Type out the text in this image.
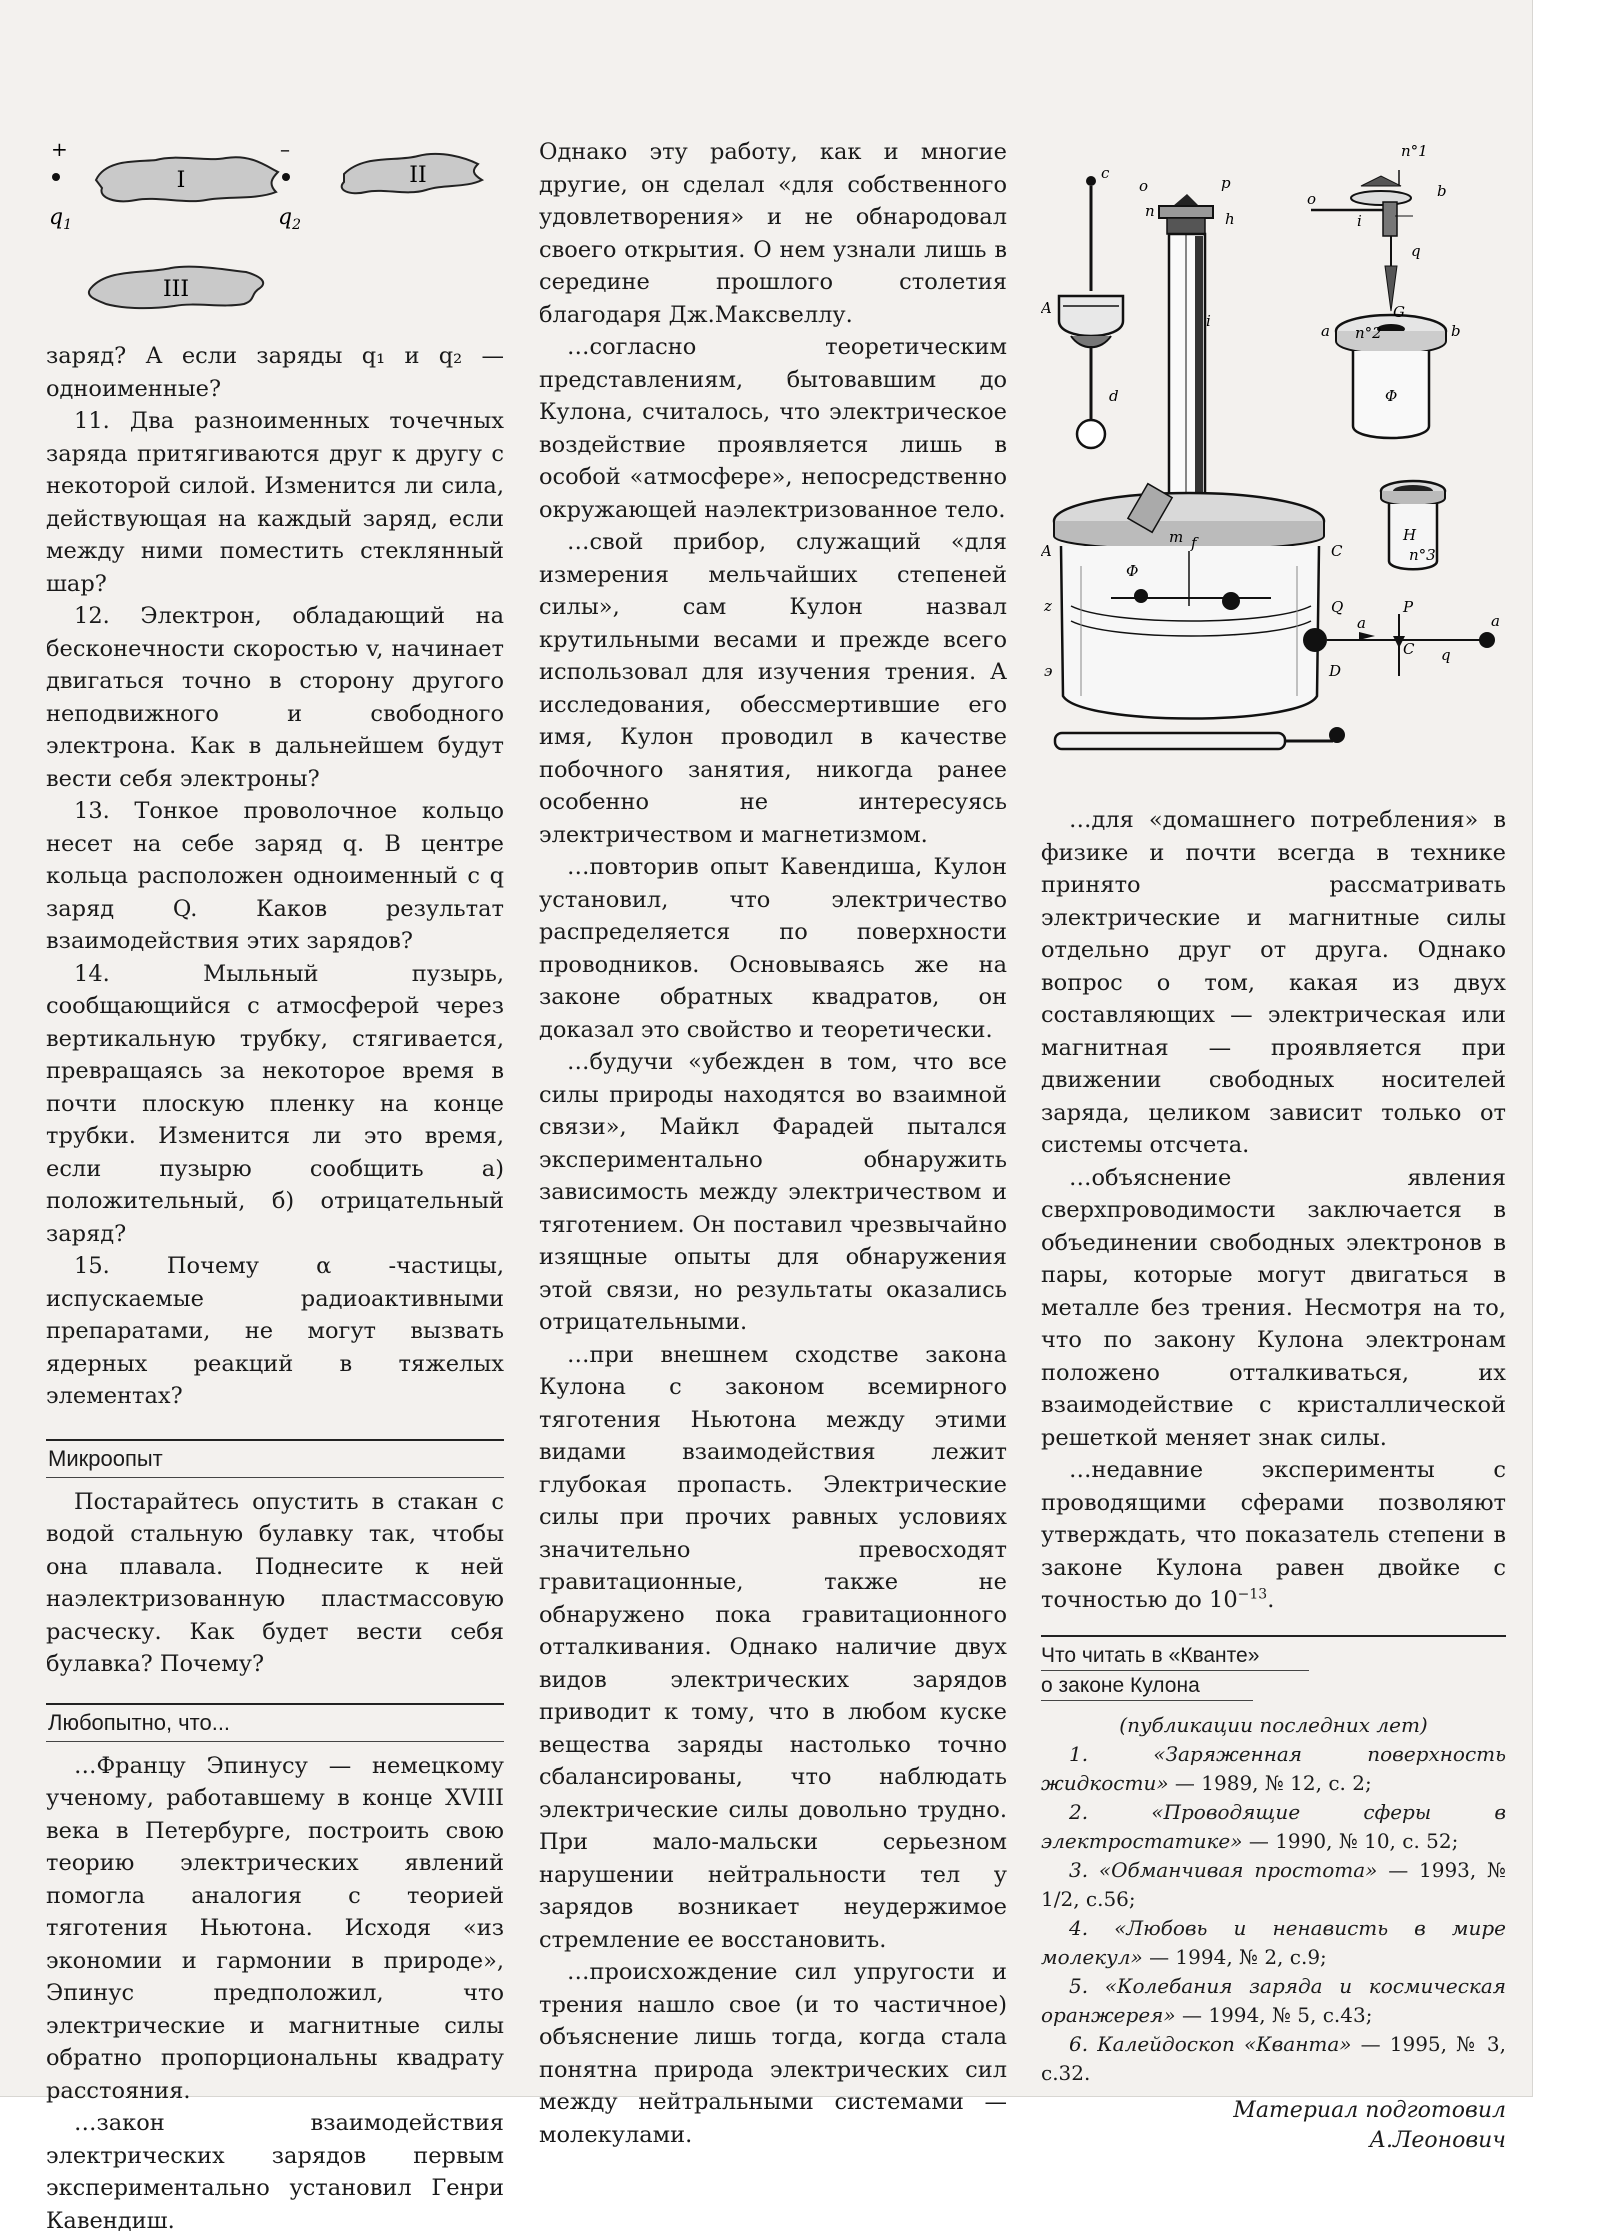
+
$q_1$
I
–
$q_2$
II
III

заряд? А если заряды q₁ и q₂ — одноименные?

11. Два разноименных точечных заряда притягиваются друг к другу с некоторой силой. Изменится ли сила, действующая на каждый заряд, если между ними поместить стеклянный шар?

12. Электрон, обладающий на бесконечности скоростью v, начинает двигаться точно в сторону другого неподвижного и свободного электрона. Как в дальнейшем будут вести себя электроны?

13. Тонкое проволочное кольцо несет на себе заряд q. В центре кольца расположен одноименный с q заряд Q. Каков результат взаимодействия этих зарядов?

14. Мыльный пузырь, сообщающийся с атмосферой через вертикальную трубку, стягивается, превращаясь за некоторое время в почти плоскую пленку на конце трубки. Изменится ли это время, если пузырю сообщить а) положительный, б) отрицательный заряд?

15. Почему α -частицы, испускаемые радиоактивными препаратами, не могут вызвать ядерных реакций в тяжелых элементах?

Микроопыт

Постарайтесь опустить в стакан с водой стальную булавку так, чтобы она плавала. Поднесите к ней наэлектризованную пластмассовую расческу. Как будет вести себя булавка? Почему?

Любопытно, что...

…Францу Эпинусу — немецкому ученому, работавшему в конце XVIII века в Петербурге, построить свою теорию электрических явлений помогла аналогия с теорией тяготения Ньютона. Исходя «из экономии и гармонии в природе», Эпинус предположил, что электрические и магнитные силы обратно пропорциональны квадрату расстояния.

…закон взаимодействия электрических зарядов первым экспериментально установил Генри Кавендиш.

Однако эту работу, как и многие другие, он сделал «для собственного удовлетворения» и не обнародовал своего открытия. О нем узнали лишь в середине прошлого столетия благодаря Дж.Максвеллу.

…согласно теоретическим представлениям, бытовавшим до Кулона, считалось, что электрическое воздействие проявляется лишь в особой «атмосфере», непосредственно окружающей наэлектризованное тело.

…свой прибор, служащий «для измерения мельчайших степеней силы», сам Кулон назвал крутильными весами и прежде всего использовал для изучения трения. А исследования, обессмертившие его имя, Кулон проводил в качестве побочного занятия, никогда ранее особенно не интересуясь электричеством и магнетизмом.

…повторив опыт Кавендиша, Кулон установил, что электричество распределяется по поверхности проводников. Основываясь же на законе обратных квадратов, он доказал это свойство и теоретически.

…будучи «убежден в том, что все силы природы находятся во взаимной связи», Майкл Фарадей пытался экспериментально обнаружить зависимость между электричеством и тяготением. Он поставил чрезвычайно изящные опыты для обнаружения этой связи, но результаты оказались отрицательными.

…при внешнем сходстве закона Кулона с законом всемирного тяготения Ньютона между этими видами взаимодействия лежит глубокая пропасть. Электрические силы при прочих равных условиях значительно превосходят гравитационные, также не обнаружено пока гравитационного отталкивания. Однако наличие двух видов электрических зарядов приводит к тому, что в любом куске вещества заряды настолько точно сбалансированы, что наблюдать электрические силы довольно трудно. При мало-мальски серьезном нарушении нейтральности тел у зарядов возникает неудержимое стремление ее восстановить.

…происхождение сил упругости и трения нашло свое (и то частичное) объяснение лишь тогда, когда стала понятна природа электрических сил между нейтральными системами — молекулами.

c
A
d
o	p
n	h
i
m f
A	C
Ф
z	Q
э	D
n°1
b
o
i
q
a n°2
G
b
Φ
H
n°3
a
q
P
C
a

…для «домашнего потребления» в физике и почти всегда в технике принято рассматривать электрические и магнитные силы отдельно друг от друга. Однако вопрос о том, какая из двух составляющих — электрическая или магнитная — проявляется при движении свободных носителей заряда, целиком зависит только от системы отсчета.

…объяснение явления сверхпроводимости заключается в объединении свободных электронов в пары, которые могут двигаться в металле без трения. Несмотря на то, что по закону Кулона электронам положено отталкиваться, их взаимодействие с кристаллической решеткой меняет знак силы.

…недавние эксперименты с проводящими сферами позволяют утверждать, что показатель степени в законе Кулона равен двойке с точностью до $10^{-13}$.

Что читать в «Кванте»
о законе Кулона

(публикации последних лет)

1. «Заряженная поверхность жидкости» — 1989, № 12, с. 2;

2. «Проводящие сферы в электростатике» — 1990, № 10, с. 52;

3. «Обманчивая простота» — 1993, № 1/2, с.56;

4. «Любовь и ненависть в мире молекул» — 1994, № 2, с.9;

5. «Колебания заряда и космическая оранжерея» — 1994, № 5, с.43;

6. Калейдоскоп «Кванта» — 1995, № 3, с.32.

Материал подготовил
А.Леонович
